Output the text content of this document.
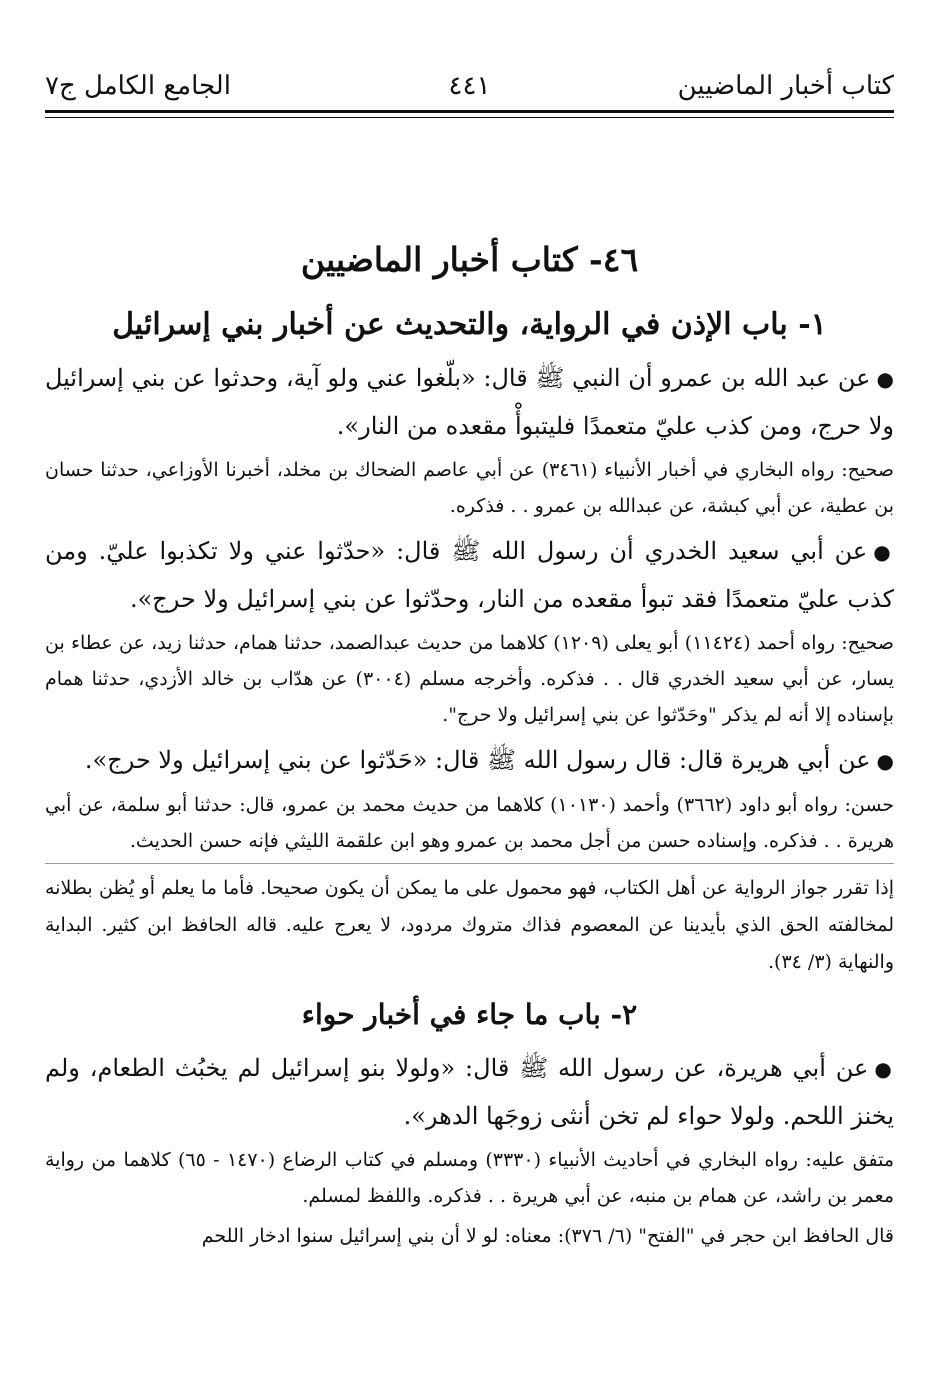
كتاب أخبار الماضيين
٤٤١
الجامع الكامل ج٧
٤٦- كتاب أخبار الماضيين
١- باب الإذن في الرواية، والتحديث عن أخبار بني إسرائيل

●عن عبد الله بن عمرو أن النبي ﷺ قال: «بلّغوا عني ولو آية، وحدثوا عن بني إسرائيل ولا حرج، ومن كذب عليّ متعمدًا فليتبوأْ مقعده من النار».

صحيح: رواه البخاري في أخبار الأنبياء (٣٤٦١) عن أبي عاصم الضحاك بن مخلد، أخبرنا الأوزاعي، حدثنا حسان بن عطية، عن أبي كبشة، عن عبدالله بن عمرو . . فذكره.

●عن أبي سعيد الخدري أن رسول الله ﷺ قال: «حدّثوا عني ولا تكذبوا عليّ. ومن كذب عليّ متعمدًا فقد تبوأ مقعده من النار، وحدّثوا عن بني إسرائيل ولا حرج».

صحيح: رواه أحمد (١١٤٢٤) أبو يعلى (١٢٠٩) كلاهما من حديث عبدالصمد، حدثنا همام، حدثنا زيد، عن عطاء بن يسار، عن أبي سعيد الخدري قال . . فذكره. وأخرجه مسلم (٣٠٠٤) عن هدّاب بن خالد الأزدي، حدثنا همام بإسناده إلا أنه لم يذكر "وحَدّثوا عن بني إسرائيل ولا حرج".

●عن أبي هريرة قال: قال رسول الله ﷺ قال: «حَدّثوا عن بني إسرائيل ولا حرج».

حسن: رواه أبو داود (٣٦٦٢) وأحمد (١٠١٣٠) كلاهما من حديث محمد بن عمرو، قال: حدثنا أبو سلمة، عن أبي هريرة . . فذكره. وإسناده حسن من أجل محمد بن عمرو وهو ابن علقمة الليثي فإنه حسن الحديث.

إذا تقرر جواز الرواية عن أهل الكتاب، فهو محمول على ما يمكن أن يكون صحيحا. فأما ما يعلم أو يُظن بطلانه لمخالفته الحق الذي بأيدينا عن المعصوم فذاك متروك مردود، لا يعرج عليه. قاله الحافظ ابن كثير. البداية والنهاية (٣/ ٣٤).

٢- باب ما جاء في أخبار حواء

●عن أبي هريرة، عن رسول الله ﷺ قال: «ولولا بنو إسرائيل لم يخبُث الطعام، ولم يخنز اللحم. ولولا حواء لم تخن أنثى زوجَها الدهر».

متفق عليه: رواه البخاري في أحاديث الأنبياء (٣٣٣٠) ومسلم في كتاب الرضاع (١٤٧٠ - ٦٥) كلاهما من رواية معمر بن راشد، عن همام بن منبه، عن أبي هريرة . . فذكره. واللفظ لمسلم.

قال الحافظ ابن حجر في "الفتح" (٦/ ٣٧٦): معناه: لو لا أن بني إسرائيل سنوا ادخار اللحم
